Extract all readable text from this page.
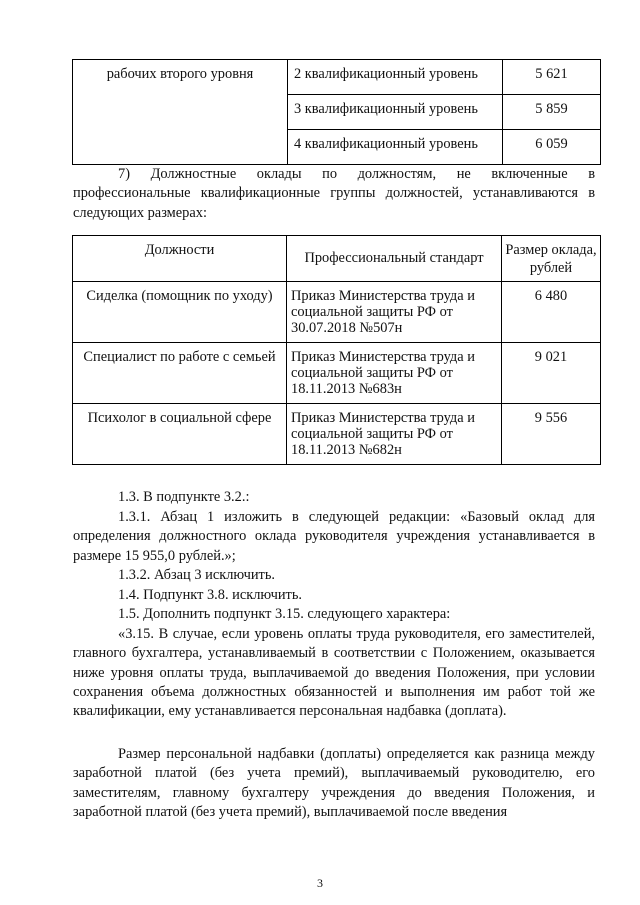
рабочих второго уровня	2 квалификационный уровень	5 621
	3 квалификационный уровень	5 859
	4 квалификационный уровень	6 059
7) Должностные оклады по должностям, не включенные в профессиональные квалификационные группы должностей, устанавливаются в следующих размерах:
Должности	Профессиональный стандарт	Размер оклада, рублей
Сиделка (помощник по уходу)	Приказ Министерства труда и социальной защиты РФ от 30.07.2018 №507н	6 480
Специалист по работе с семьей	Приказ Министерства труда и социальной защиты РФ от 18.11.2013 №683н	9 021
Психолог в социальной сфере	Приказ Министерства труда и социальной защиты РФ от 18.11.2013 №682н	9 556
1.3. В подпункте 3.2.:
1.3.1. Абзац 1 изложить в следующей редакции: «Базовый оклад для определения должностного оклада руководителя учреждения устанавливается в размере 15 955,0 рублей.»;
1.3.2. Абзац 3 исключить.
1.4. Подпункт 3.8. исключить.
1.5. Дополнить подпункт 3.15. следующего характера:
«3.15. В случае, если уровень оплаты труда руководителя, его заместителей, главного бухгалтера, устанавливаемый в соответствии с Положением, оказывается ниже уровня оплаты труда, выплачиваемой до введения Положения, при условии сохранения объема должностных обязанностей и выполнения им работ той же квалификации, ему устанавливается персональная надбавка (доплата).
Размер персональной надбавки (доплаты) определяется как разница между заработной платой (без учета премий), выплачиваемый руководителю, его заместителям, главному бухгалтеру учреждения до введения Положения, и заработной платой (без учета премий), выплачиваемой после введения
3
